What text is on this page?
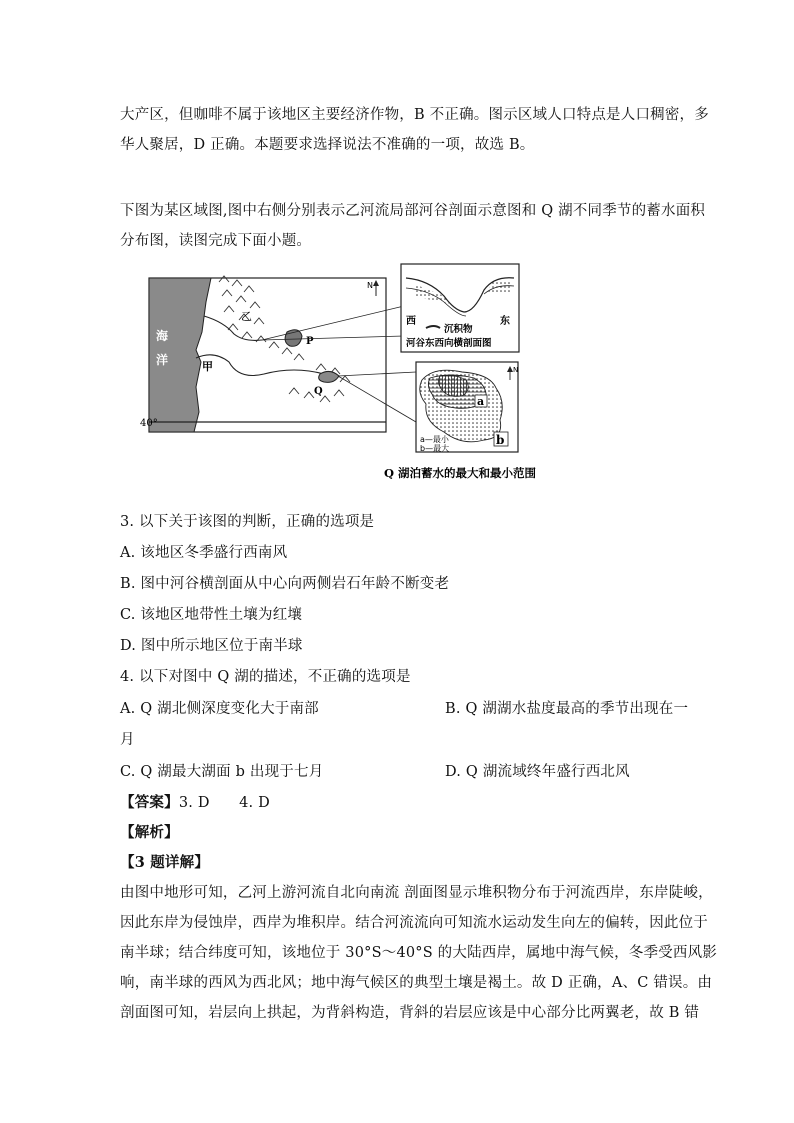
大产区，但咖啡不属于该地区主要经济作物，B 不正确。图示区域人口特点是人口稠密，多
华人聚居，D 正确。本题要求选择说法不准确的一项，故选 B。
下图为某区域图,图中右侧分别表示乙河流局部河谷剖面示意图和 Q 湖不同季节的蓄水面积
分布图，读图完成下面小题。
海
洋
乙
甲
P
Q
N
40°
西	东
沉积物
河谷东西向横剖面图
a
b
N
a—最小
b—最大
Q 湖泊蓄水的最大和最小范围
3. 以下关于该图的判断，正确的选项是
A. 该地区冬季盛行西南风
B. 图中河谷横剖面从中心向两侧岩石年龄不断变老
C. 该地区地带性土壤为红壤
D. 图中所示地区位于南半球
4. 以下对图中 Q 湖的描述，不正确的选项是
A. Q 湖北侧深度变化大于南部	B. Q 湖湖水盐度最高的季节出现在一
月
C. Q 湖最大湖面 b 出现于七月	D. Q 湖流域终年盛行西北风
【答案】3. D　　4. D
【解析】
【3 题详解】
由图中地形可知，乙河上游河流自北向南流 剖面图显示堆积物分布于河流西岸，东岸陡峻，
因此东岸为侵蚀岸，西岸为堆积岸。结合河流流向可知流水运动发生向左的偏转，因此位于
南半球；结合纬度可知，该地位于 30°S～40°S 的大陆西岸，属地中海气候，冬季受西风影
响，南半球的西风为西北风；地中海气候区的典型土壤是褐土。故 D 正确，A、C 错误。由
剖面图可知，岩层向上拱起，为背斜构造，背斜的岩层应该是中心部分比两翼老，故 B 错
